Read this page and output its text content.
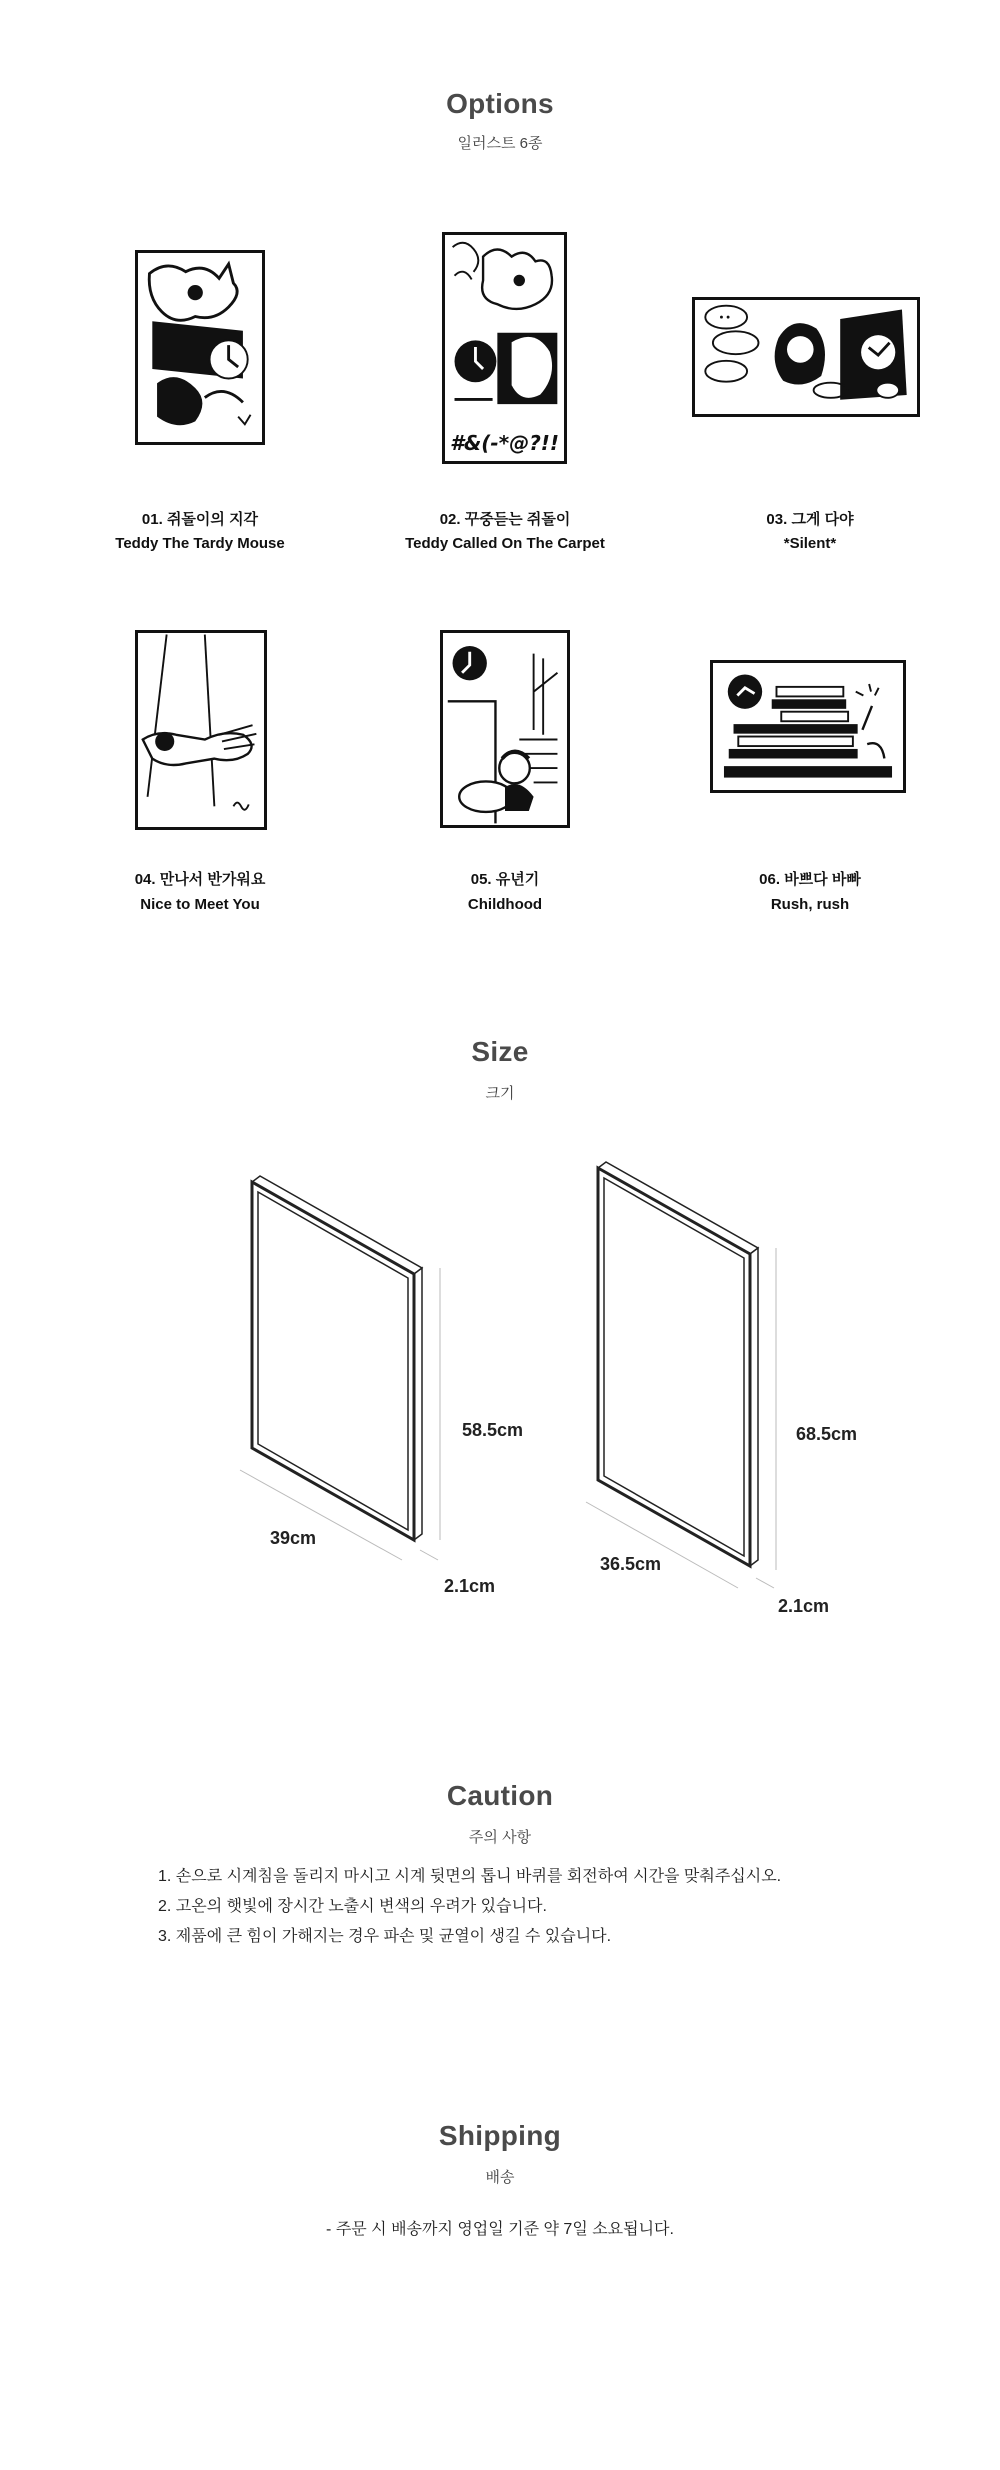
Options
일러스트 6종
01. 쥐돌이의 지각
Teddy The Tardy Mouse
#&(-*@?!!
02. 꾸중듣는 쥐돌이
Teddy Called On The Carpet
03. 그게 다야
*Silent*
04. 만나서 반가워요
Nice to Meet You
05. 유년기
Childhood
06. 바쁘다 바빠
Rush, rush
Size
크기
58.5cm
39cm
2.1cm
68.5cm
36.5cm
2.1cm
Caution
주의 사항
1. 손으로 시계침을 돌리지 마시고 시계 뒷면의 톱니 바퀴를 회전하여 시간을 맞춰주십시오.
2. 고온의 햇빛에 장시간 노출시 변색의 우려가 있습니다.
3. 제품에 큰 힘이 가해지는 경우 파손 및 균열이 생길 수 있습니다.
Shipping
배송
- 주문 시 배송까지 영업일 기준 약 7일 소요됩니다.
